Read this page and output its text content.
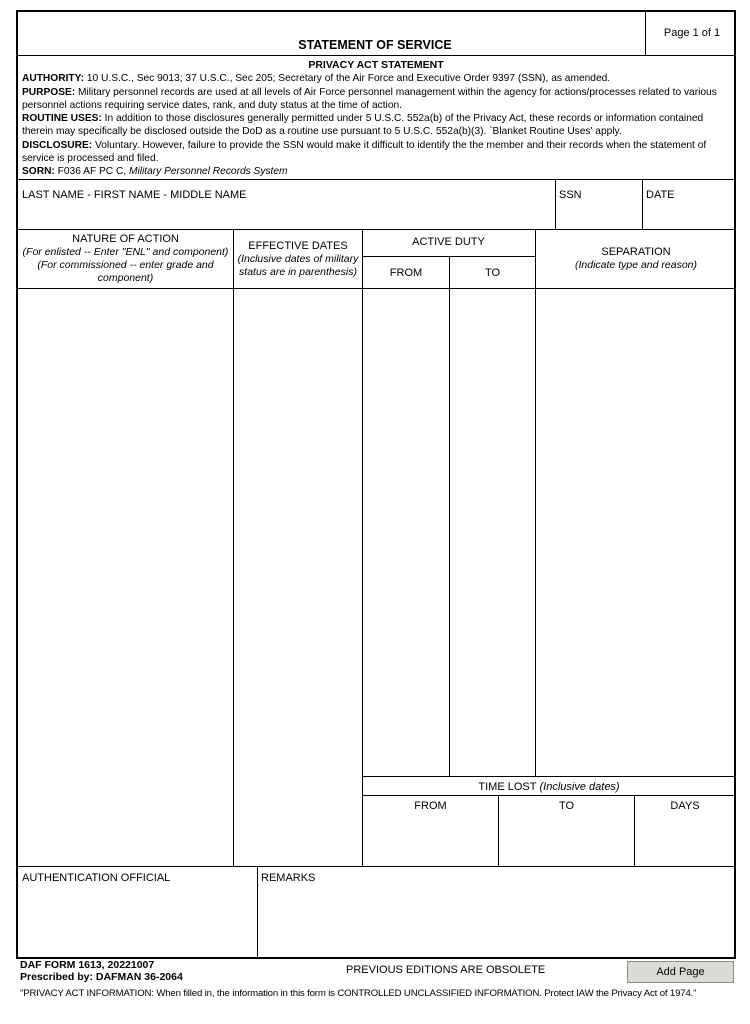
STATEMENT OF SERVICE
Page 1 of 1
PRIVACY ACT STATEMENT
AUTHORITY: 10 U.S.C., Sec 9013; 37 U.S.C., Sec 205; Secretary of the Air Force and Executive Order 9397 (SSN), as amended.
PURPOSE: Military personnel records are used at all levels of Air Force personnel management within the agency for actions/processes related to various personnel actions requiring service dates, rank, and duty status at the time of action.
ROUTINE USES: In addition to those disclosures generally permitted under 5 U.S.C. 552a(b) of the Privacy Act, these records or information contained therein may specifically be disclosed outside the DoD as a routine use pursuant to 5 U.S.C. 552a(b)(3). `Blanket Routine Uses' apply.
DISCLOSURE: Voluntary. However, failure to provide the SSN would make it difficult to identify the the member and their records when the statement of service is processed and filed.
SORN: F036 AF PC C, Military Personnel Records System
LAST NAME - FIRST NAME - MIDDLE NAME	SSN	DATE
NATURE OF ACTION
(For enlisted -- Enter "ENL" and component)
(For commissioned -- enter grade and component)
EFFECTIVE DATES
(Inclusive dates of military status are in parenthesis)
ACTIVE DUTY
FROM	TO
SEPARATION
(Indicate type and reason)
TIME LOST (Inclusive dates)
FROM	TO	DAYS
AUTHENTICATION OFFICIAL	REMARKS
DAF FORM 1613, 20221007
Prescribed by: DAFMAN 36-2064
PREVIOUS EDITIONS ARE OBSOLETE	Add Page
"PRIVACY ACT INFORMATION: When filled in, the information in this form is CONTROLLED UNCLASSIFIED INFORMATION. Protect IAW the Privacy Act of 1974."
